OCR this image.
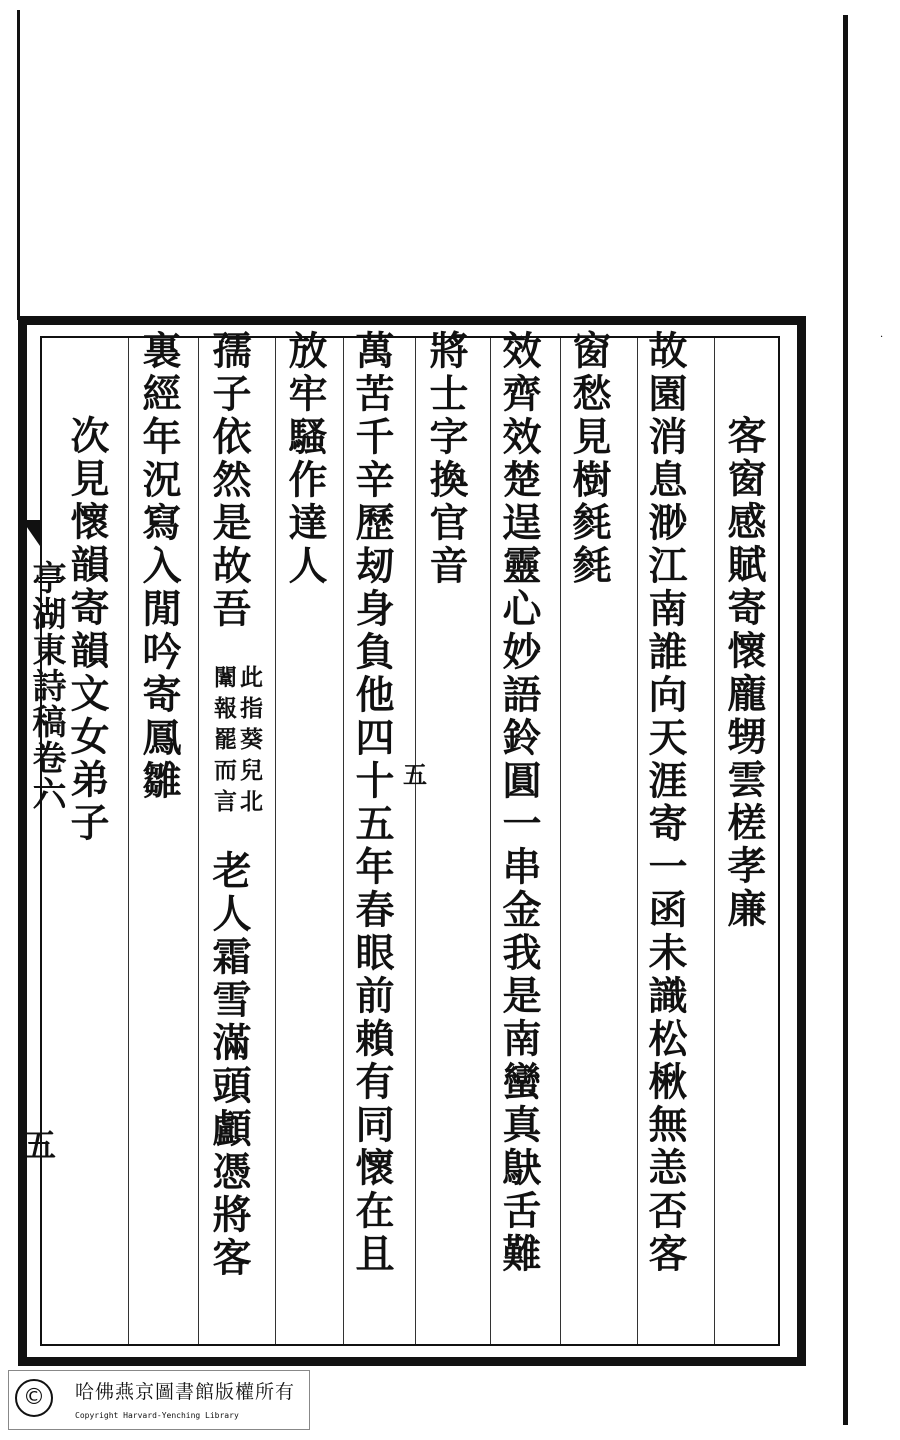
·
亭湖東詩稿卷六
五
客窗感賦寄懷龐甥雲槎孝廉
故園消息渺江南誰向天涯寄一函未識松楸無恙否客
窗愁見樹毵毵
效齊效楚逞靈心妙語鈴圓一串金我是南蠻真鴃舌難
將士字換官音
萬苦千辛歷刼身負他四十五年春眼前賴有同懷在且
放牢騷作達人
孺子依然是故吾
此指葵兒北闈報罷而言
老人霜雪滿頭顱憑將客
裏經年況寫入閒吟寄鳳雛
次見懷韻寄韻文女弟子	五
©	哈佛燕京圖書館版權所有
Copyright Harvard-Yenching Library
